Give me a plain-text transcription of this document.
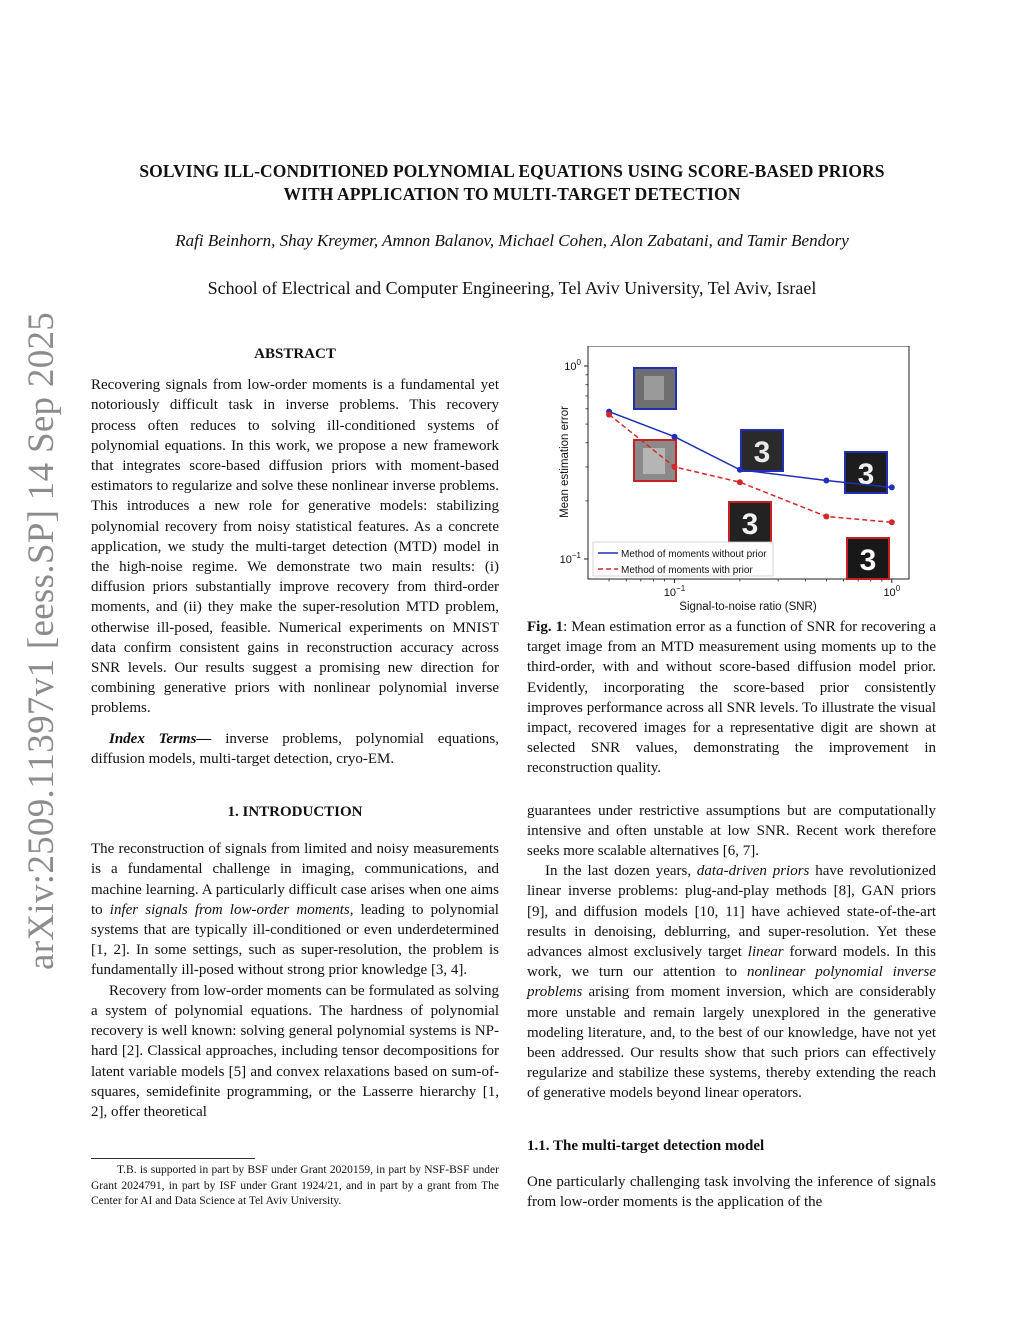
SOLVING ILL-CONDITIONED POLYNOMIAL EQUATIONS USING SCORE-BASED PRIORS
WITH APPLICATION TO MULTI-TARGET DETECTION
Rafi Beinhorn, Shay Kreymer, Amnon Balanov, Michael Cohen, Alon Zabatani, and Tamir Bendory
School of Electrical and Computer Engineering, Tel Aviv University, Tel Aviv, Israel
arXiv:2509.11397v1 [eess.SP] 14 Sep 2025	ABSTRACT

Recovering signals from low-order moments is a fundamental yet notoriously difficult task in inverse problems. This recovery process often reduces to solving ill-conditioned systems of polynomial equations. In this work, we propose a new framework that integrates score-based diffusion priors with moment-based estimators to regularize and solve these nonlinear inverse problems. This introduces a new role for generative models: stabilizing polynomial recovery from noisy statistical features. As a concrete application, we study the multi-target detection (MTD) model in the high-noise regime. We demonstrate two main results: (i) diffusion priors substantially improve recovery from third-order moments, and (ii) they make the super-resolution MTD problem, otherwise ill-posed, feasible. Numerical experiments on MNIST data confirm consistent gains in reconstruction accuracy across SNR levels. Our results suggest a promising new direction for combining generative priors with nonlinear polynomial inverse problems.

Index Terms— inverse problems, polynomial equations, diffusion models, multi-target detection, cryo-EM.

1. INTRODUCTION

The reconstruction of signals from limited and noisy measurements is a fundamental challenge in imaging, communications, and machine learning. A particularly difficult case arises when one aims to infer signals from low-order moments, leading to polynomial systems that are typically ill-conditioned or even underdetermined [1, 2]. In some settings, such as super-resolution, the problem is fundamentally ill-posed without strong prior knowledge [3, 4].

Recovery from low-order moments can be formulated as solving a system of polynomial equations. The hardness of polynomial recovery is well known: solving general polynomial systems is NP-hard [2]. Classical approaches, including tensor decompositions for latent variable models [5] and convex relaxations based on sum-of-squares, semidefinite programming, or the Lasserre hierarchy [1, 2], offer theoretical

T.B. is supported in part by BSF under Grant 2020159, in part by NSF-BSF under Grant 2024791, in part by ISF under Grant 1924/21, and in part by a grant from The Center for AI and Data Science at Tel Aviv University.
$10^{-1}$	$10^0$
$10^{-1}$
$10^0$
3
3
3
3
Method of moments without prior
Method of moments with prior
Signal-to-noise ratio (SNR)
Mean estimation error

Fig. 1: Mean estimation error as a function of SNR for recovering a target image from an MTD measurement using moments up to the third-order, with and without score-based diffusion model prior. Evidently, incorporating the score-based prior consistently improves performance across all SNR levels. To illustrate the visual impact, recovered images for a representative digit are shown at selected SNR values, demonstrating the improvement in reconstruction quality.

guarantees under restrictive assumptions but are computationally intensive and often unstable at low SNR. Recent work therefore seeks more scalable alternatives [6, 7].

In the last dozen years, data-driven priors have revolutionized linear inverse problems: plug-and-play methods [8], GAN priors [9], and diffusion models [10, 11] have achieved state-of-the-art results in denoising, deblurring, and super-resolution. Yet these advances almost exclusively target linear forward models. In this work, we turn our attention to nonlinear polynomial inverse problems arising from moment inversion, which are considerably more unstable and remain largely unexplored in the generative modeling literature, and, to the best of our knowledge, have not yet been addressed. Our results show that such priors can effectively regularize and stabilize these systems, thereby extending the reach of generative models beyond linear operators.

1.1. The multi-target detection model

One particularly challenging task involving the inference of signals from low-order moments is the application of the
